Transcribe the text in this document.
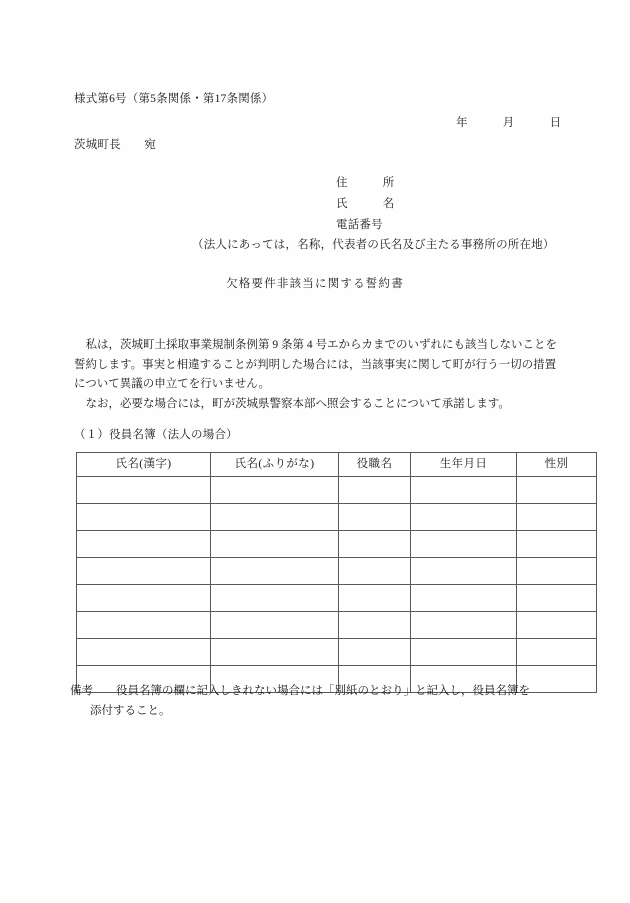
様式第6号（第5条関係・第17条関係）
年　　　月　　　日
茨城町長　　宛
住　　　所
氏　　　名
電話番号
（法人にあっては，名称，代表者の氏名及び主たる事務所の所在地）
欠格要件非該当に関する誓約書

　私は，茨城町土採取事業規制条例第 9 条第 4 号エからカまでのいずれにも該当しないことを誓約します。事実と相違することが判明した場合には，当該事実に関して町が行う一切の措置について異議の申立てを行いません。

　なお，必要な場合には，町が茨城県警察本部へ照会することについて承諾します。

（１）役員名簿（法人の場合）
氏名(漢字)	氏名(ふりがな)	役職名	生年月日	性別

備考　　役員名簿の欄に記入しきれない場合には「別紙のとおり」と記入し，役員名簿を
添付すること。
